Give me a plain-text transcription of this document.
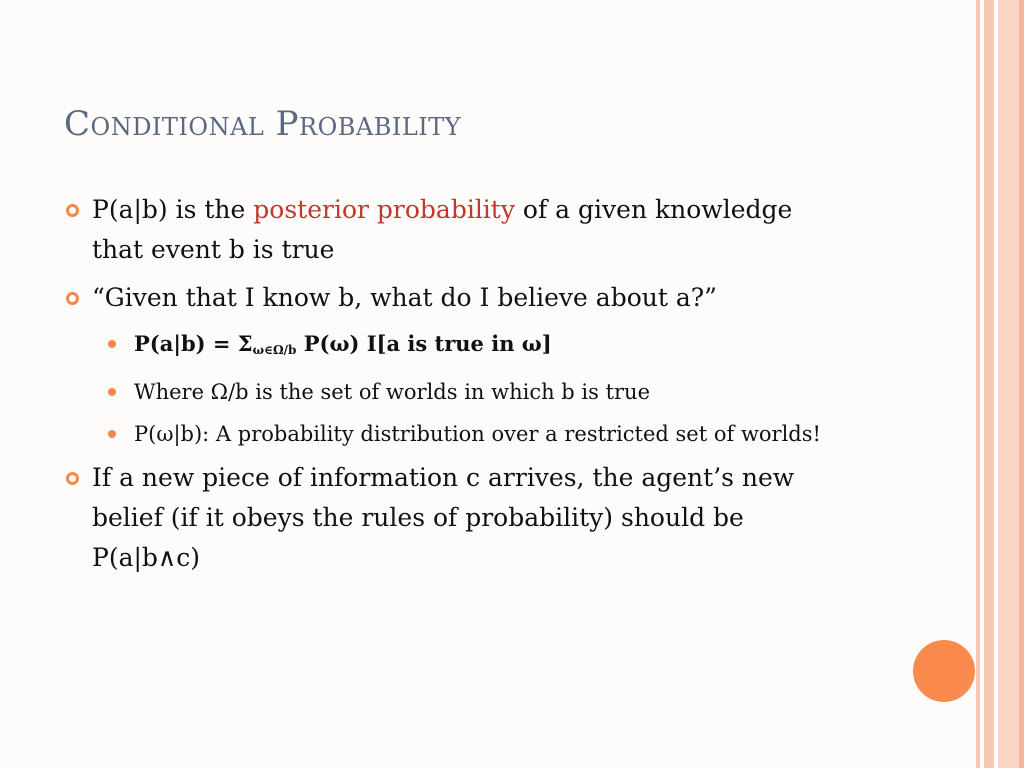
Conditional Probability
P(a|b) is the posterior probability of a given knowledge that event b is true
“Given that I know b, what do I believe about a?”
$P(a|b) = \Sigma_{\omega\in\Omega/b}$ P(ω) I[a is true in ω]
Where Ω/b is the set of worlds in which b is true
P(ω|b): A probability distribution over a restricted set of worlds!
If a new piece of information c arrives, the agent’s new belief (if it obeys the rules of probability) should be P(a|b∧c)
